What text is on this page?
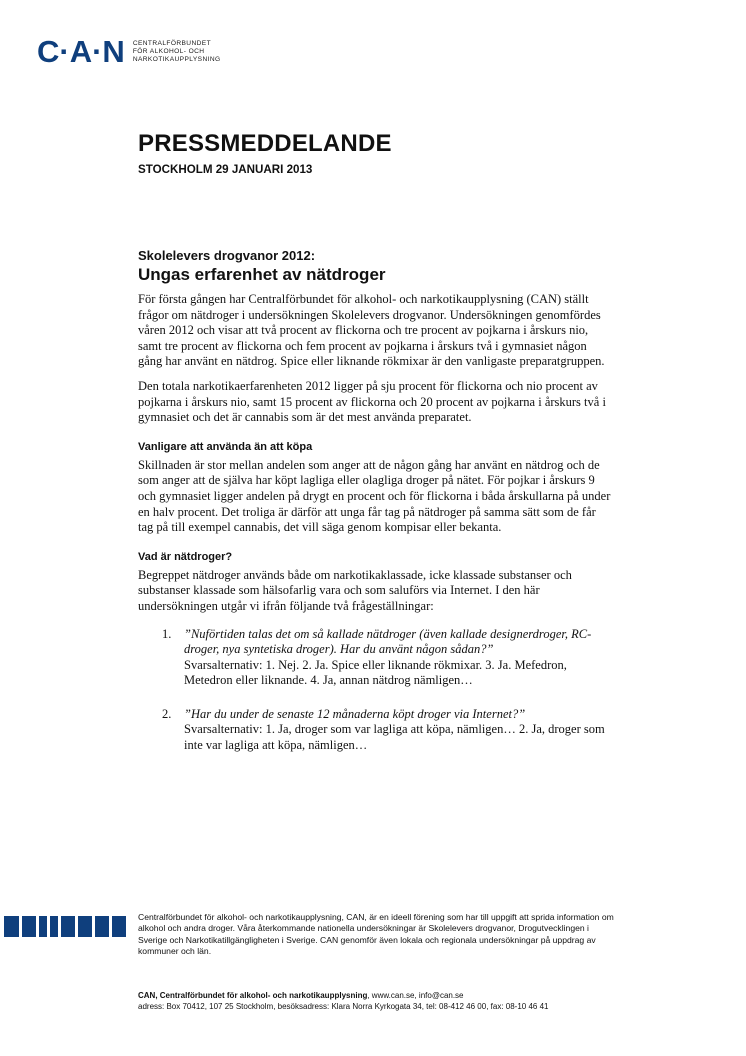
C·A·N CENTRALFÖRBUNDET
FÖR ALKOHOL- OCH
NARKOTIKAUPPLYSNING
PRESSMEDDELANDE
STOCKHOLM 29 JANUARI 2013
Skolelevers drogvanor 2012:
Ungas erfarenhet av nätdroger

För första gången har Centralförbundet för alkohol- och narkotikaupplysning (CAN) ställt frågor om nätdroger i undersökningen Skolelevers drogvanor. Undersökningen genomfördes våren 2012 och visar att två procent av flickorna och tre procent av pojkarna i årskurs nio, samt tre procent av flickorna och fem procent av pojkarna i årskurs två i gymnasiet någon gång har använt en nätdrog. Spice eller liknande rökmixar är den vanligaste preparatgruppen.

Den totala narkotikaerfarenheten 2012 ligger på sju procent för flickorna och nio procent av pojkarna i årskurs nio, samt 15 procent av flickorna och 20 procent av pojkarna i årskurs två i gymnasiet och det är cannabis som är det mest använda preparatet.

Vanligare att använda än att köpa

Skillnaden är stor mellan andelen som anger att de någon gång har använt en nätdrog och de som anger att de själva har köpt lagliga eller olagliga droger på nätet. För pojkar i årskurs 9 och gymnasiet ligger andelen på drygt en procent och för flickorna i båda årskullarna på under en halv procent. Det troliga är därför att unga får tag på nätdroger på samma sätt som de får tag på till exempel cannabis, det vill säga genom kompisar eller bekanta.

Vad är nätdroger?

Begreppet nätdroger används både om narkotikaklassade, icke klassade substanser och substanser klassade som hälsofarlig vara och som saluförs via Internet. I den här undersökningen utgår vi ifrån följande två frågeställningar:

1.	”Nuförtiden talas det om så kallade nätdroger (även kallade designerdroger, RC-droger, nya syntetiska droger). Har du använt någon sådan?”
Svarsalternativ: 1. Nej. 2. Ja. Spice eller liknande rökmixar. 3. Ja. Mefedron, Metedron eller liknande. 4. Ja, annan nätdrog nämligen…
2.	”Har du under de senaste 12 månaderna köpt droger via Internet?”
Svarsalternativ: 1. Ja, droger som var lagliga att köpa, nämligen… 2. Ja, droger som inte var lagliga att köpa, nämligen…

Centralförbundet för alkohol- och narkotikaupplysning, CAN, är en ideell förening som har till uppgift att sprida information om alkohol och andra droger. Våra återkommande nationella undersökningar är Skolelevers drogvanor, Drogutvecklingen i Sverige och Narkotikatillgängligheten i Sverige. CAN genomför även lokala och regionala undersökningar på uppdrag av kommuner och län.

CAN, Centralförbundet för alkohol- och narkotikaupplysning, www.can.se, info@can.se
adress: Box 70412, 107 25 Stockholm, besöksadress: Klara Norra Kyrkogata 34, tel: 08-412 46 00, fax: 08-10 46 41
